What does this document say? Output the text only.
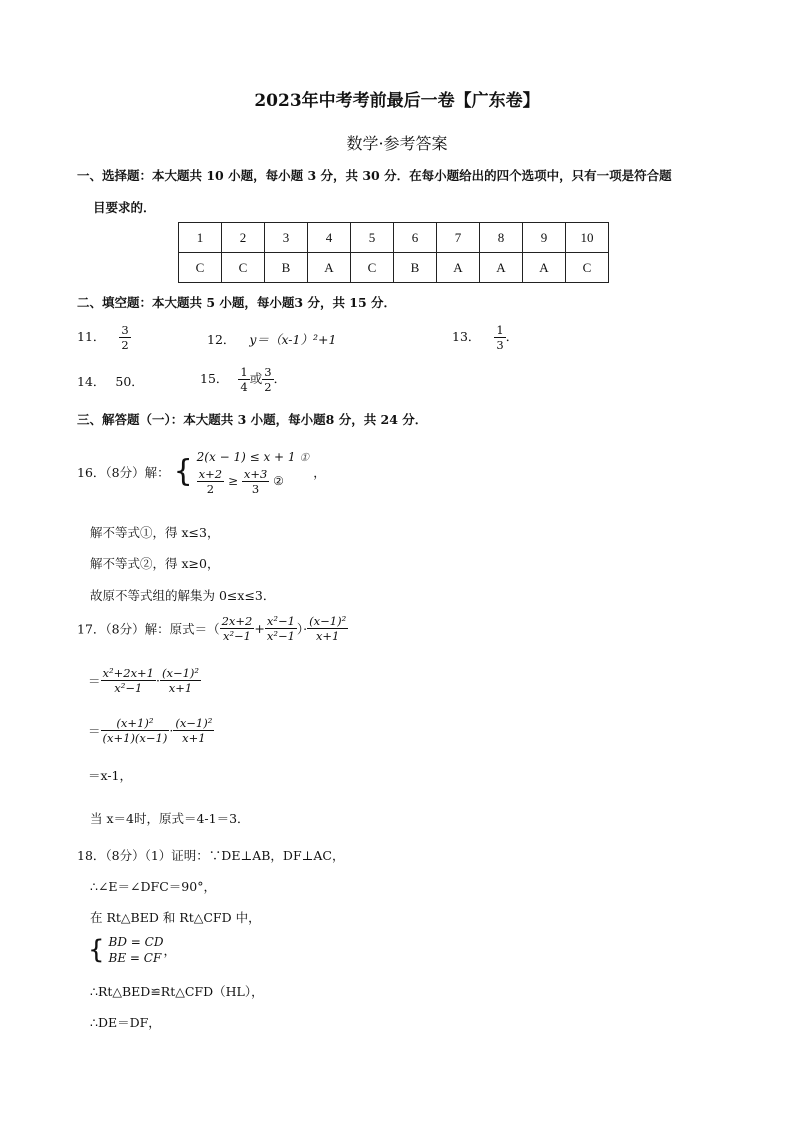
2023年中考考前最后一卷【广东卷】
数学·参考答案
一、选择题：本大题共 10 小题，每小题 3 分，共 30 分．在每小题给出的四个选项中，只有一项是符合题
目要求的．
1	2	3	4	5	6	7	8	9	10
C	C	B	A	C	B	A	A	A	C
二、填空题：本大题共 5 小题，每小题3 分，共 15 分．
11． $\frac{3}{2}$	12． y＝（x-1）²+1	13． $\frac{1}{3}$ ．
14． 50．	15． $\frac{1}{4}$ 或 $\frac{3}{2}$ ．
三、解答题（一）：本大题共 3 小题，每小题8 分，共 24 分．
16．（8分）解： { 2(x − 1) ≤ x + 1 ①
$\frac{x+2}{2} \ge \frac{x+3}{3}$ ②
，
解不等式①，得 x≤3，
解不等式②，得 x≥0，
故原不等式组的解集为 0≤x≤3．
17．（8分）解：原式＝（ $\frac{2x+2}{\text{x²−1}} + \frac{\text{x²−1}}{\text{x²−1}}$ ）· $\frac{\text{(x−1)²}}{x+1}$
＝ $\frac{\text{x²+2x+1}}{\text{x²−1}} \cdot \frac{\text{(x−1)²}}{x+1}$
＝ $\frac{\text{(x+1)²}}{(x+1)(x-1)} \cdot \frac{\text{(x−1)²}}{x+1}$
＝x-1，
当 x＝4时，原式＝4-1＝3．
18．（8分）（1）证明：∵DE⊥AB，DF⊥AC，
∴∠E＝∠DFC＝90°，
在 Rt△BED 和 Rt△CFD 中，
{ BD = CD
BE = CF ，
∴Rt△BED≌Rt△CFD（HL），
∴DE＝DF，
